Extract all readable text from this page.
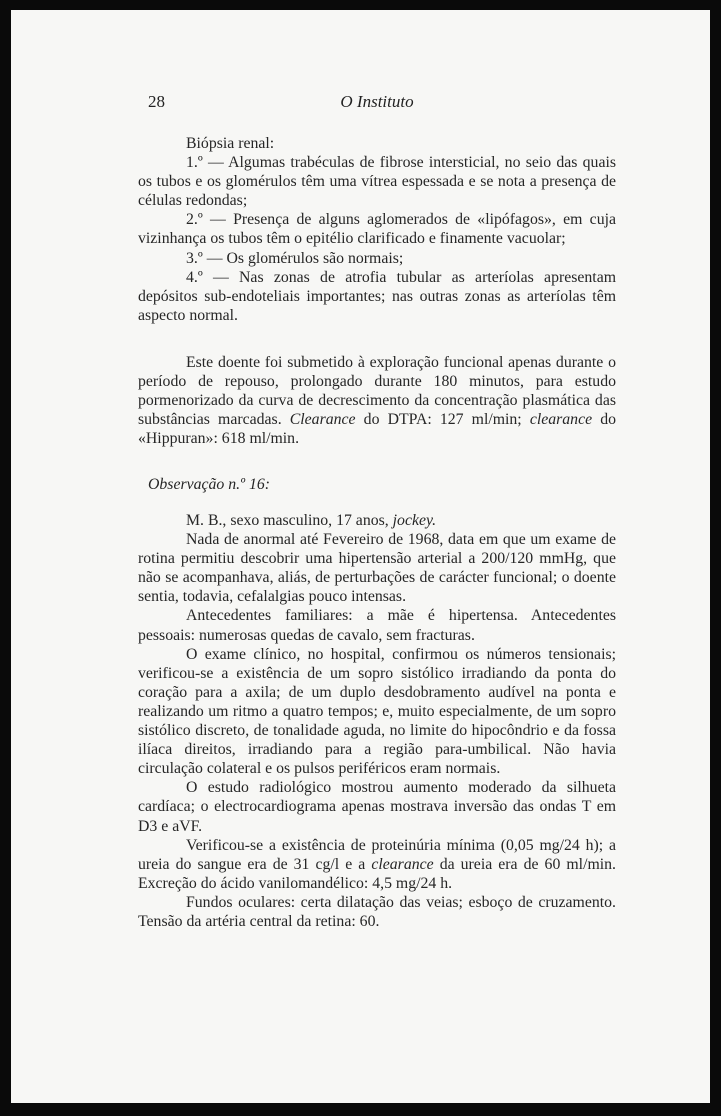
28	O Instituto

Biópsia renal:

1.º — Algumas trabéculas de fibrose intersticial, no seio das quais os tubos e os glomérulos têm uma vítrea espessada e se nota a presença de células redondas;

2.º — Presença de alguns aglomerados de «lipófagos», em cuja vizinhança os tubos têm o epitélio clarificado e finamente vacuolar;

3.º — Os glomérulos são normais;

4.º — Nas zonas de atrofia tubular as arteríolas apresentam depósitos sub-endoteliais importantes; nas outras zonas as arteríolas têm aspecto normal.

Este doente foi submetido à exploração funcional apenas durante o período de repouso, prolongado durante 180 minutos, para estudo pormenorizado da curva de decrescimento da concentração plasmática das substâncias marcadas. Clearance do DTPA: 127 ml/min; clearance do «Hippuran»: 618 ml/min.

Observação n.º 16:

M. B., sexo masculino, 17 anos, jockey.

Nada de anormal até Fevereiro de 1968, data em que um exame de rotina permitiu descobrir uma hipertensão arterial a 200/120 mmHg, que não se acompanhava, aliás, de perturbações de carácter funcional; o doente sentia, todavia, cefalalgias pouco intensas.

Antecedentes familiares: a mãe é hipertensa. Antecedentes pessoais: numerosas quedas de cavalo, sem fracturas.

O exame clínico, no hospital, confirmou os números tensionais; verificou-se a existência de um sopro sistólico irradiando da ponta do coração para a axila; de um duplo desdobramento audível na ponta e realizando um ritmo a quatro tempos; e, muito especialmente, de um sopro sistólico discreto, de tonalidade aguda, no limite do hipocôndrio e da fossa ilíaca direitos, irradiando para a região para-umbilical. Não havia circulação colateral e os pulsos periféricos eram normais.

O estudo radiológico mostrou aumento moderado da silhueta cardíaca; o electrocardiograma apenas mostrava inversão das ondas T em D3 e aVF.

Verificou-se a existência de proteinúria mínima (0,05 mg/24 h); a ureia do sangue era de 31 cg/l e a clearance da ureia era de 60 ml/min. Excreção do ácido vanilomandélico: 4,5 mg/24 h.

Fundos oculares: certa dilatação das veias; esboço de cruzamento. Tensão da artéria central da retina: 60.
